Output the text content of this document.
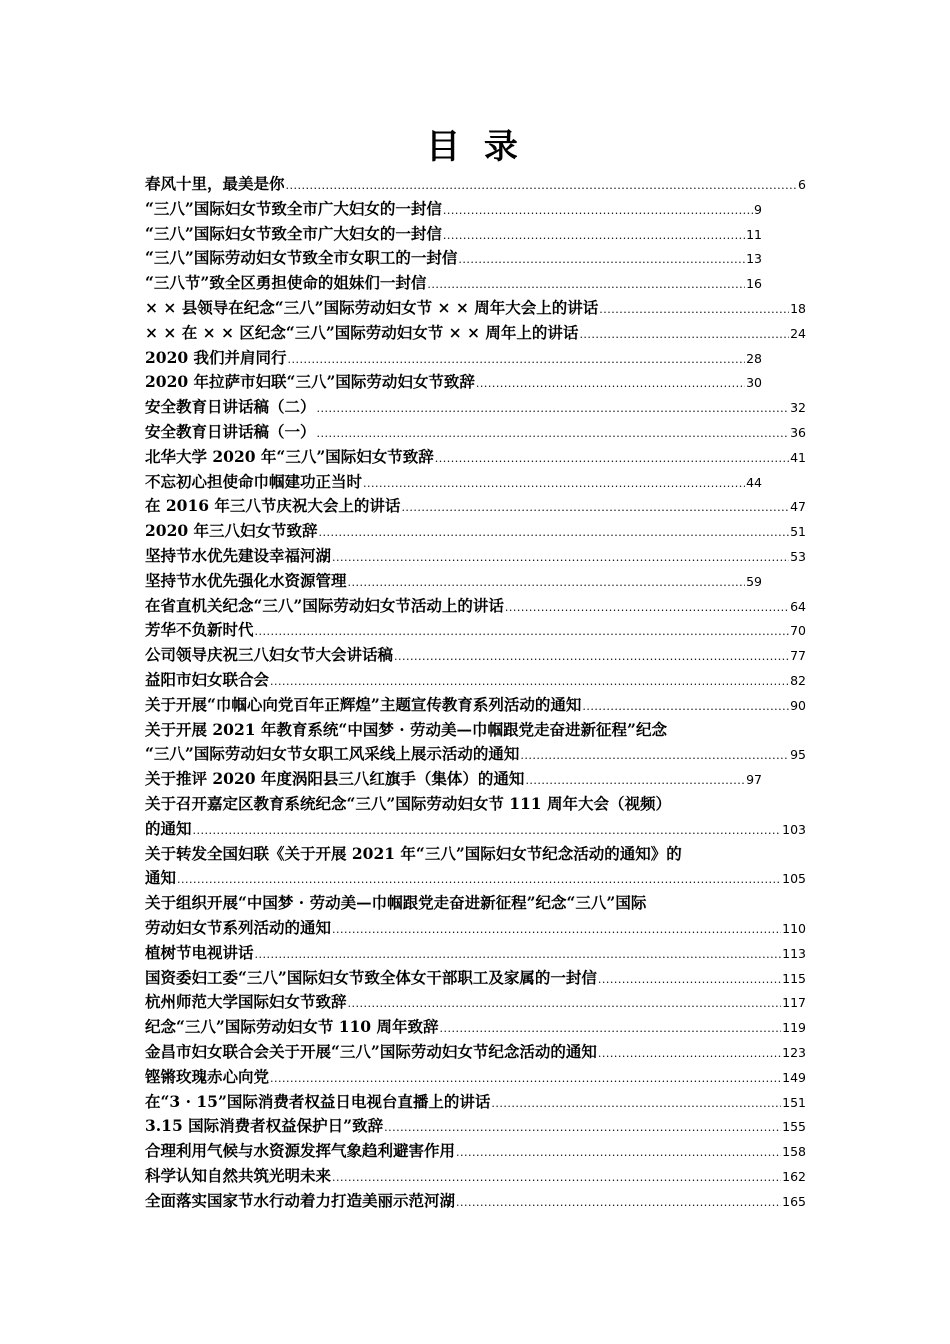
目 录
春风十里，最美是你 .....	6
“三八”国际妇女节致全市广大妇女的一封信 .....	9
“三八”国际妇女节致全市广大妇女的一封信 .....	11
“三八”国际劳动妇女节致全市女职工的一封信 .....	13
“三八节”致全区勇担使命的姐妹们一封信 .....	16
× × 县领导在纪念“三八”国际劳动妇女节 × × 周年大会上的讲话 .....	18
× × 在 × × 区纪念“三八”国际劳动妇女节 × × 周年上的讲话 .....	24
2020 我们并肩同行 .....	28
2020 年拉萨市妇联“三八”国际劳动妇女节致辞 .....	30
安全教育日讲话稿（二） .....	32
安全教育日讲话稿（一） .....	36
北华大学 2020 年“三八”国际妇女节致辞 .....	41
不忘初心担使命巾帼建功正当时 .....	44
在 2016 年三八节庆祝大会上的讲话 .....	47
2020 年三八妇女节致辞 .....	51
坚持节水优先建设幸福河湖 .....	53
坚持节水优先强化水资源管理 .....	59
在省直机关纪念“三八”国际劳动妇女节活动上的讲话 .....	64
芳华不负新时代 .....	70
公司领导庆祝三八妇女节大会讲话稿 .....	77
益阳市妇女联合会 .....	82
关于开展“巾帼心向党百年正辉煌”主题宣传教育系列活动的通知 .....	90
关于开展 2021 年教育系统“中国梦 · 劳动美—巾帼跟党走奋进新征程”纪念
“三八”国际劳动妇女节女职工风采线上展示活动的通知 .....	95
关于推评 2020 年度涡阳县三八红旗手（集体）的通知 .....	97
关于召开嘉定区教育系统纪念“三八”国际劳动妇女节 111 周年大会（视频）
的通知 .....	103
关于转发全国妇联《关于开展 2021 年“三八”国际妇女节纪念活动的通知》的
通知 .....	105
关于组织开展“中国梦 · 劳动美—巾帼跟党走奋进新征程”纪念“三八”国际
劳动妇女节系列活动的通知 .....	110
植树节电视讲话 .....	113
国资委妇工委“三八”国际妇女节致全体女干部职工及家属的一封信 .....	115
杭州师范大学国际妇女节致辞 .....	117
纪念“三八”国际劳动妇女节 110 周年致辞 .....	119
金昌市妇女联合会关于开展“三八”国际劳动妇女节纪念活动的通知 .....	123
铿锵玫瑰赤心向党 .....	149
在“3 · 15”国际消费者权益日电视台直播上的讲话 .....	151
3.15 国际消费者权益保护日”致辞 .....	155
合理利用气候与水资源发挥气象趋利避害作用 .....	158
科学认知自然共筑光明未来 .....	162
全面落实国家节水行动着力打造美丽示范河湖 .....	165
